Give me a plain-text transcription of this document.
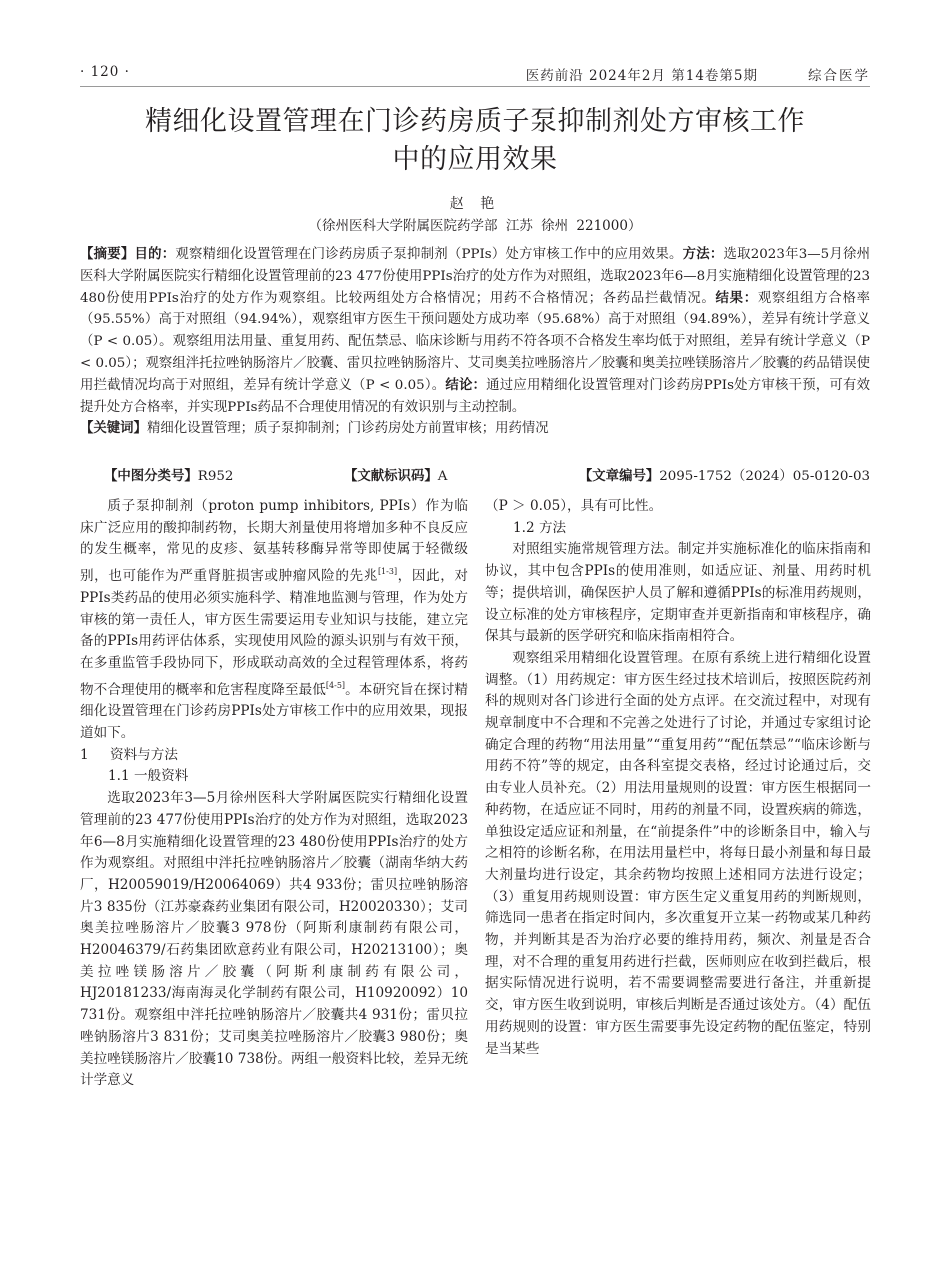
· 120 ·	医药前沿 2024年2月 第14卷第5期	综合医学
精细化设置管理在门诊药房质子泵抑制剂处方审核工作
中的应用效果
赵 艳
（徐州医科大学附属医院药学部 江苏 徐州 221000）

【摘要】目的：观察精细化设置管理在门诊药房质子泵抑制剂（PPIs）处方审核工作中的应用效果。方法：选取2023年3—5月徐州医科大学附属医院实行精细化设置管理前的23 477份使用PPIs治疗的处方作为对照组，选取2023年6—8月实施精细化设置管理的23 480份使用PPIs治疗的处方作为观察组。比较两组处方合格情况；用药不合格情况；各药品拦截情况。结果：观察组组方合格率（95.55%）高于对照组（94.94%），观察组审方医生干预问题处方成功率（95.68%）高于对照组（94.89%），差异有统计学意义（P < 0.05）。观察组用法用量、重复用药、配伍禁忌、临床诊断与用药不符各项不合格发生率均低于对照组，差异有统计学意义（P < 0.05）；观察组泮托拉唑钠肠溶片／胶囊、雷贝拉唑钠肠溶片、艾司奥美拉唑肠溶片／胶囊和奥美拉唑镁肠溶片／胶囊的药品错误使用拦截情况均高于对照组，差异有统计学意义（P < 0.05）。结论：通过应用精细化设置管理对门诊药房PPIs处方审核干预，可有效提升处方合格率，并实现PPIs药品不合理使用情况的有效识别与主动控制。

【关键词】精细化设置管理；质子泵抑制剂；门诊药房处方前置审核；用药情况

【中图分类号】R952	【文献标识码】A	【文章编号】2095-1752（2024）05-0120-03

质子泵抑制剂（proton pump inhibitors, PPIs）作为临床广泛应用的酸抑制药物，长期大剂量使用将增加多种不良反应的发生概率，常见的皮疹、氨基转移酶异常等即使属于轻微级别，也可能作为严重肾脏损害或肿瘤风险的先兆[1-3]，因此，对PPIs类药品的使用必须实施科学、精准地监测与管理，作为处方审核的第一责任人，审方医生需要运用专业知识与技能，建立完备的PPIs用药评估体系，实现使用风险的源头识别与有效干预，在多重监管手段协同下，形成联动高效的全过程管理体系，将药物不合理使用的概率和危害程度降至最低[4-5]。本研究旨在探讨精细化设置管理在门诊药房PPIs处方审核工作中的应用效果，现报道如下。

1 资料与方法
1.1 一般资料

选取2023年3—5月徐州医科大学附属医院实行精细化设置管理前的23 477份使用PPIs治疗的处方作为对照组，选取2023年6—8月实施精细化设置管理的23 480份使用PPIs治疗的处方作为观察组。对照组中泮托拉唑钠肠溶片／胶囊（湖南华纳大药厂，H20059019/H20064069）共4 933份；雷贝拉唑钠肠溶片3 835份（江苏豪森药业集团有限公司，H20020330）；艾司奥美拉唑肠溶片／胶囊3 978份（阿斯利康制药有限公司，H20046379/石药集团欧意药业有限公司，H20213100）；奥美拉唑镁肠溶片／胶囊（阿斯利康制药有限公司，HJ20181233/海南海灵化学制药有限公司，H10920092）10 731份。观察组中泮托拉唑钠肠溶片／胶囊共4 931份；雷贝拉唑钠肠溶片3 831份；艾司奥美拉唑肠溶片／胶囊3 980份；奥美拉唑镁肠溶片／胶囊10 738份。两组一般资料比较，差异无统计学意义

（P ＞ 0.05），具有可比性。

1.2 方法

对照组实施常规管理方法。制定并实施标准化的临床指南和协议，其中包含PPIs的使用准则，如适应证、剂量、用药时机等；提供培训，确保医护人员了解和遵循PPIs的标准用药规则，设立标准的处方审核程序，定期审查并更新指南和审核程序，确保其与最新的医学研究和临床指南相符合。

观察组采用精细化设置管理。在原有系统上进行精细化设置调整。（1）用药规定：审方医生经过技术培训后，按照医院药剂科的规则对各门诊进行全面的处方点评。在交流过程中，对现有规章制度中不合理和不完善之处进行了讨论，并通过专家组讨论确定合理的药物“用法用量”“重复用药”“配伍禁忌”“临床诊断与用药不符”等的规定，由各科室提交表格，经过讨论通过后，交由专业人员补充。（2）用法用量规则的设置：审方医生根据同一种药物，在适应证不同时，用药的剂量不同，设置疾病的筛选，单独设定适应证和剂量，在“前提条件”中的诊断条目中，输入与之相符的诊断名称，在用法用量栏中，将每日最小剂量和每日最大剂量均进行设定，其余药物均按照上述相同方法进行设定；（3）重复用药规则设置：审方医生定义重复用药的判断规则，筛选同一患者在指定时间内，多次重复开立某一药物或某几种药物，并判断其是否为治疗必要的维持用药，频次、剂量是否合理，对不合理的重复用药进行拦截，医师则应在收到拦截后，根据实际情况进行说明，若不需要调整需要进行备注，并重新提交，审方医生收到说明，审核后判断是否通过该处方。（4）配伍用药规则的设置：审方医生需要事先设定药物的配伍鉴定，特别是当某些
